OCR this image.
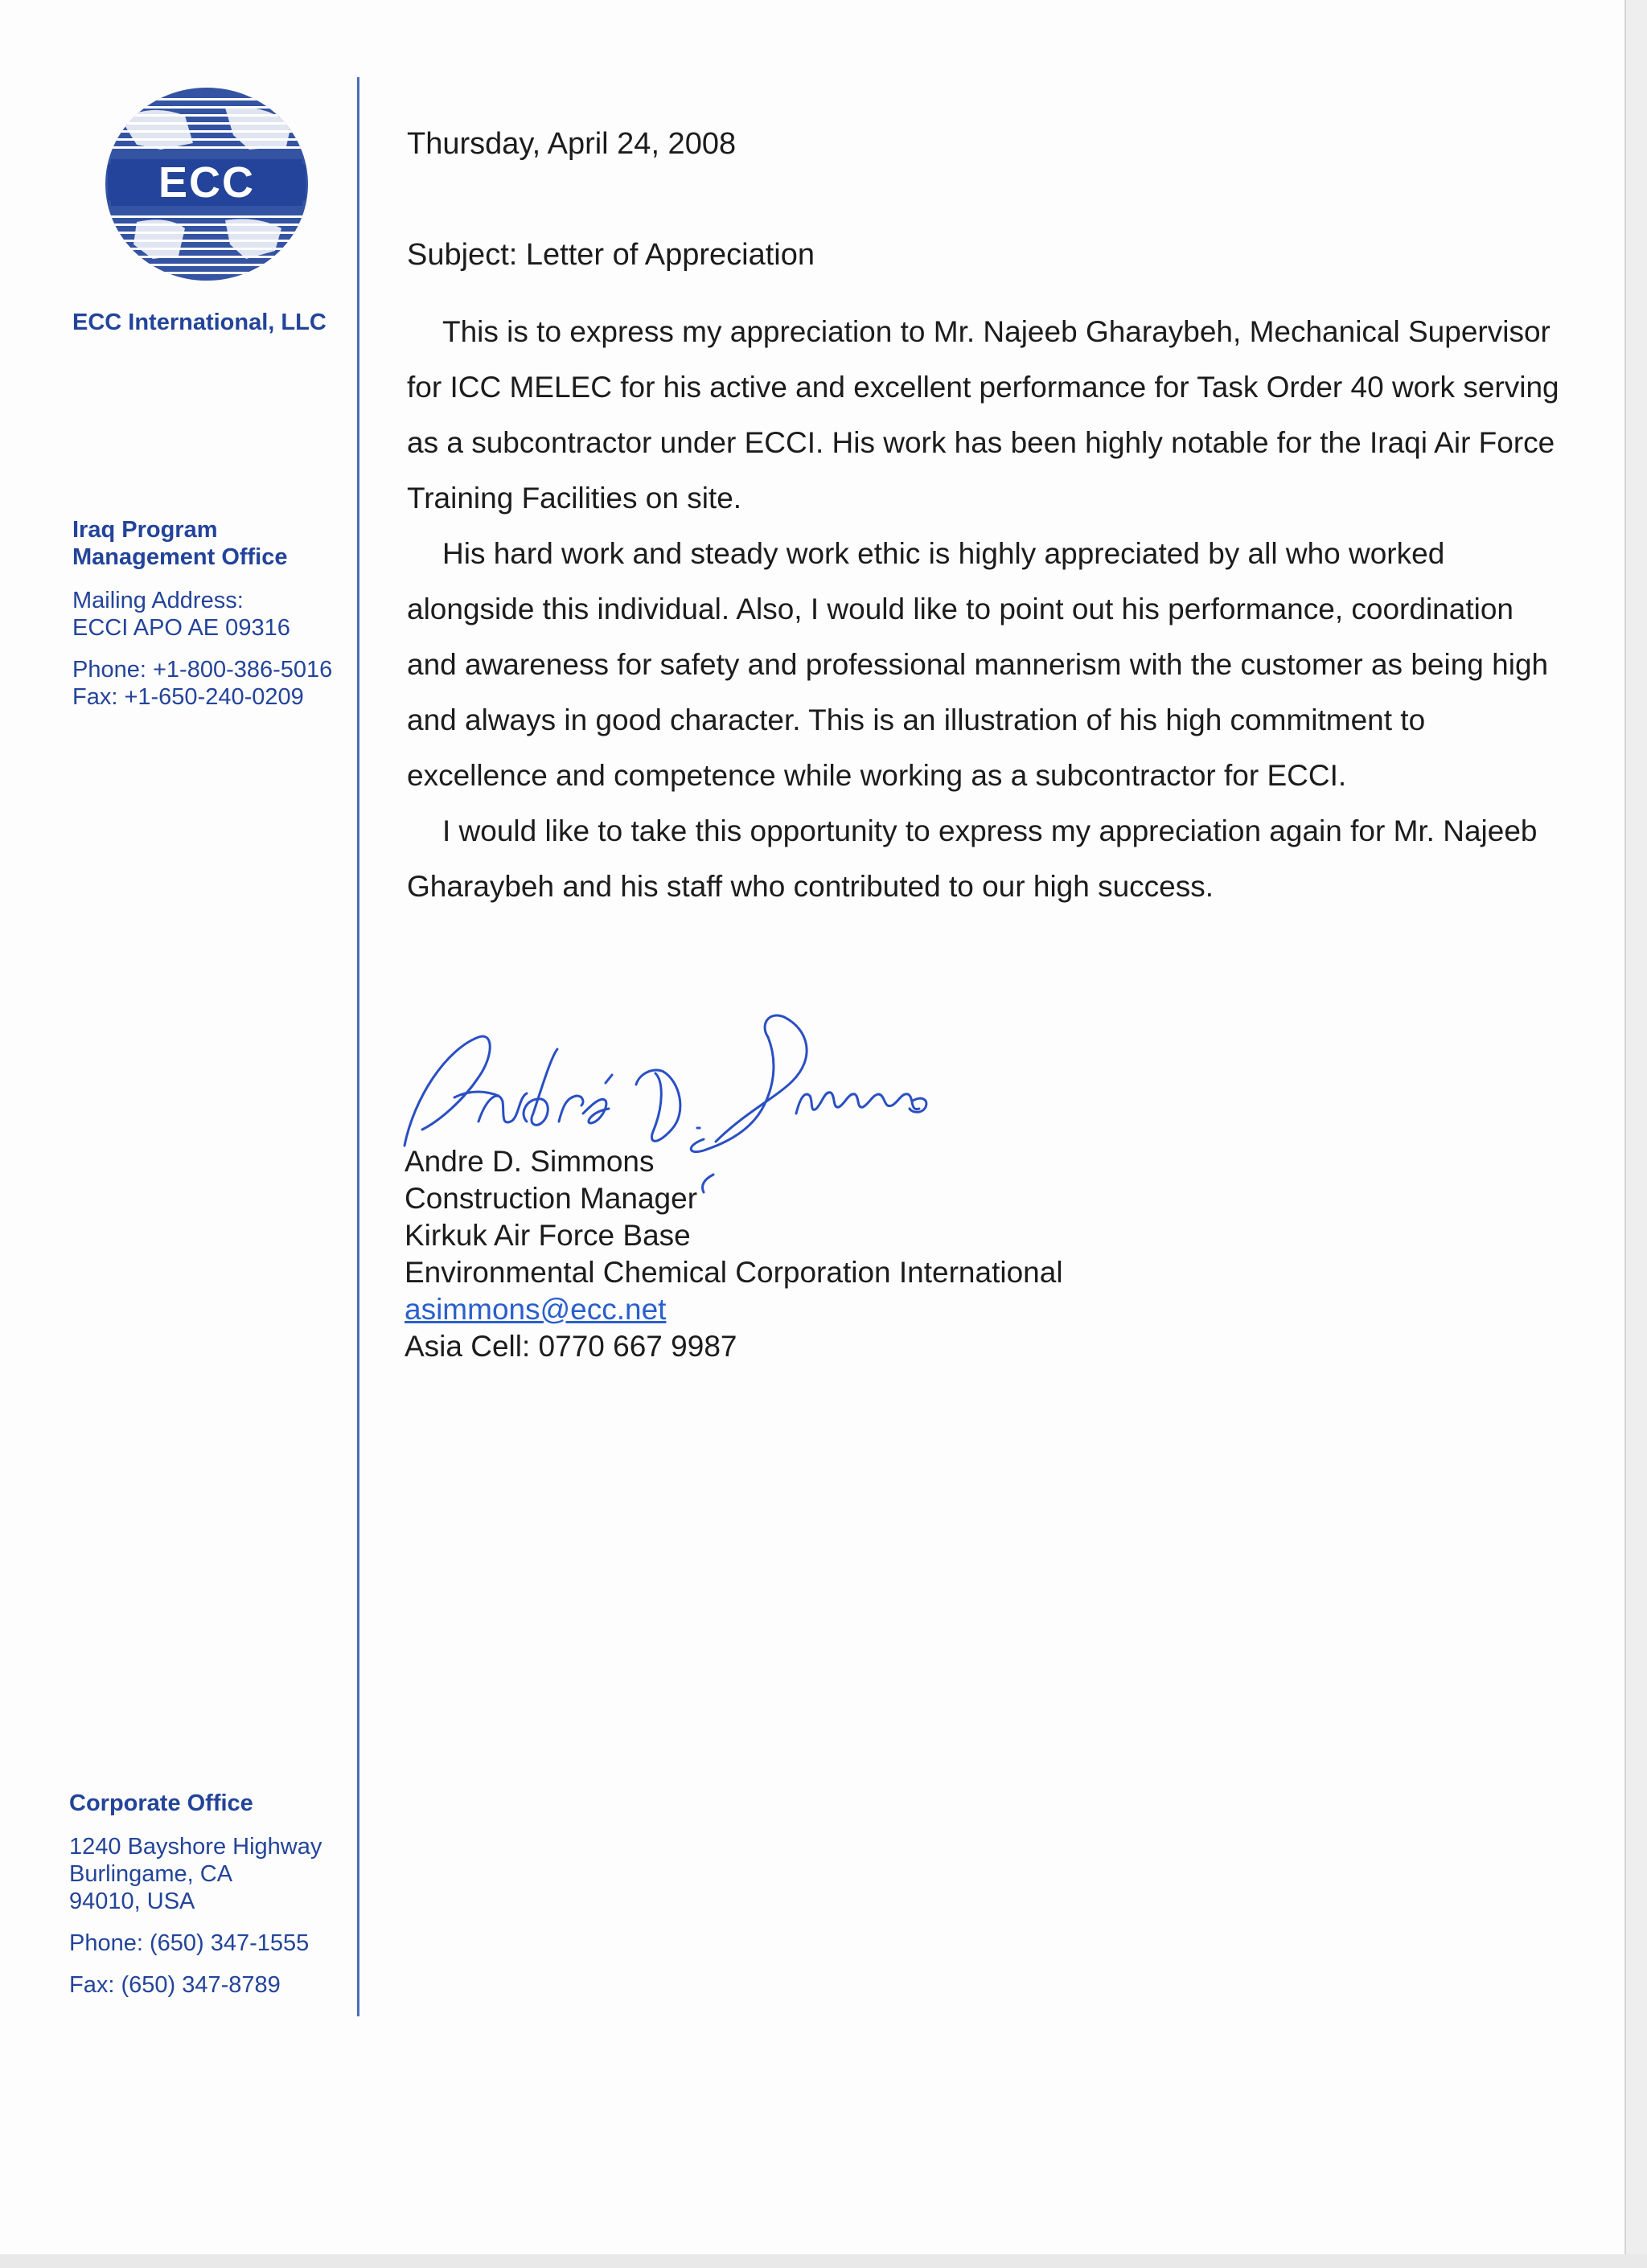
ECC
ECC International, LLC
Iraq Program
Management Office
Mailing Address:
ECCI APO AE 09316
Phone: +1-800-386-5016
Fax: +1-650-240-0209
Corporate Office
1240 Bayshore Highway
Burlingame, CA
94010, USA
Phone: (650) 347-1555
Fax: (650) 347-8789
Thursday, April 24, 2008
Subject: Letter of Appreciation

This is to express my appreciation to Mr. Najeeb Gharaybeh, Mechanical Supervisor for ICC MELEC for his active and excellent performance for Task Order 40 work serving as a subcontractor under ECCI. His work has been highly notable for the Iraqi Air Force Training Facilities on site.

His hard work and steady work ethic is highly appreciated by all who worked alongside this individual. Also, I would like to point out his performance, coordination and awareness for safety and professional mannerism with the customer as being high and always in good character. This is an illustration of his high commitment to excellence and competence while working as a subcontractor for ECCI.

I would like to take this opportunity to express my appreciation again for Mr. Najeeb Gharaybeh and his staff who contributed to our high success.

Andre D. Simmons
Construction Manager
Kirkuk Air Force Base
Environmental Chemical Corporation International
asimmons@ecc.net
Asia Cell: 0770 667 9987
